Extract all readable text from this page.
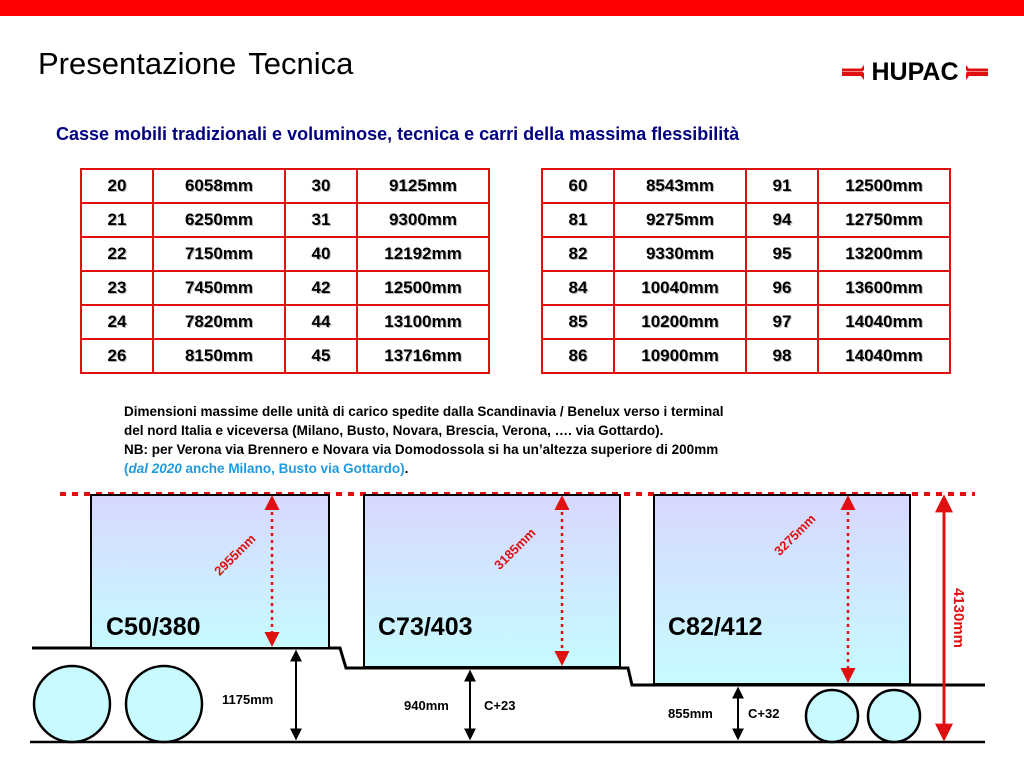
Presentazione Tecnica	HUPAC
Casse mobili tradizionali e voluminose, tecnica e carri della massima flessibilità
20	6058mm	30	9125mm
21	6250mm	31	9300mm
22	7150mm	40	12192mm
23	7450mm	42	12500mm
24	7820mm	44	13100mm
26	8150mm	45	13716mm
60	8543mm	91	12500mm
81	9275mm	94	12750mm
82	9330mm	95	13200mm
84	10040mm	96	13600mm
85	10200mm	97	14040mm
86	10900mm	98	14040mm
Dimensioni massime delle unità di carico spedite dalla Scandinavia / Benelux verso i terminal
del nord Italia e viceversa (Milano, Busto, Novara, Brescia, Verona, …. via Gottardo).
NB: per Verona via Brennero e Novara via Domodossola si ha un’altezza superiore di 200mm
(dal 2020 anche Milano, Busto via Gottardo).
2955mm
C50/380
3185mm
C73/403
3275mm
C82/412	4130mm
1175mm	940mm	C+23
855mm	C+32
